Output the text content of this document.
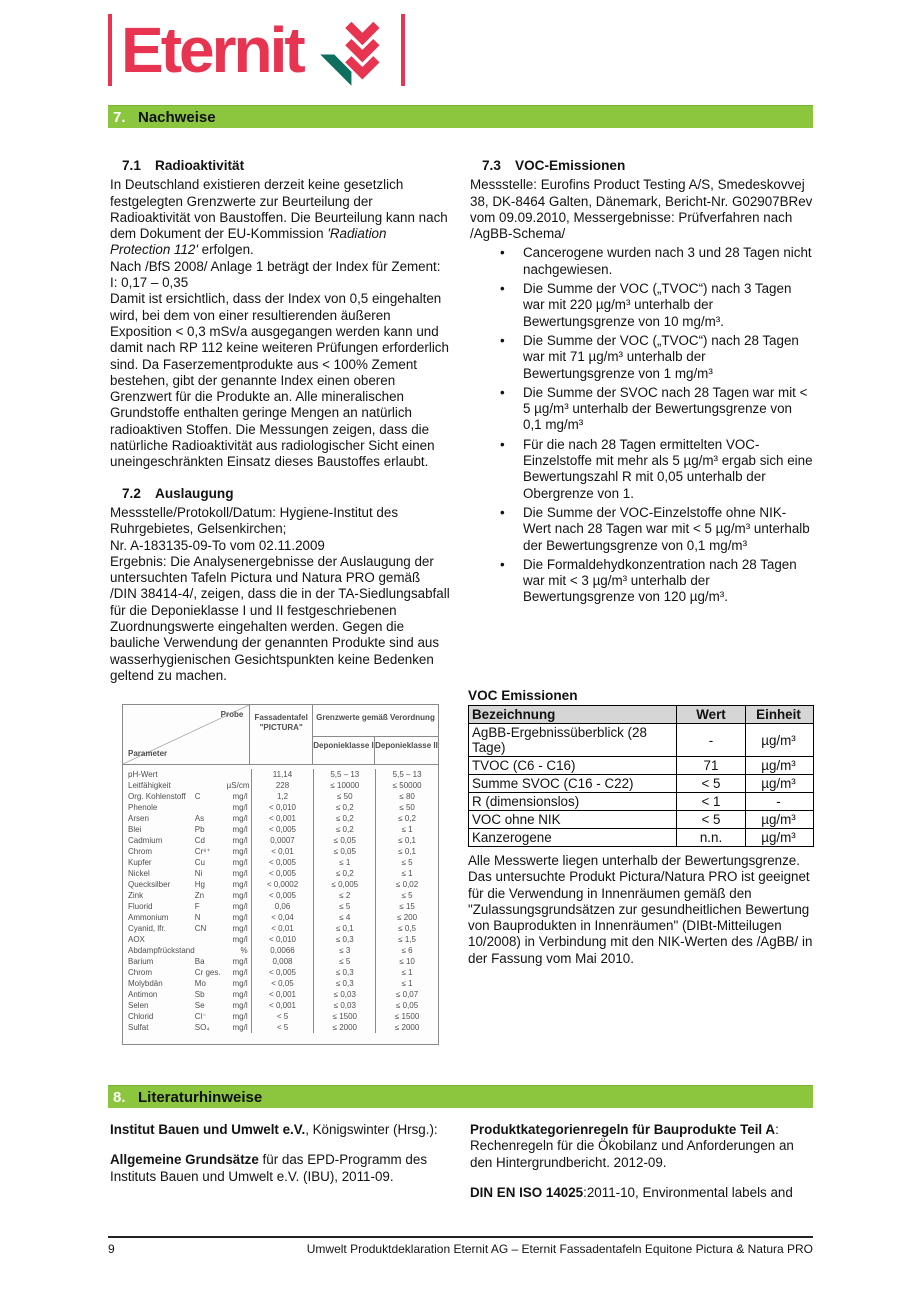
Eternit
7. Nachweise
7.1	Radioaktivität
In Deutschland existieren derzeit keine gesetzlich festgelegten Grenzwerte zur Beurteilung der Radioaktivität von Baustoffen. Die Beurteilung kann nach dem Dokument der EU-Kommission 'Radiation Protection 112' erfolgen.
Nach /BfS 2008/ Anlage 1 beträgt der Index für Zement: I: 0,17 – 0,35
Damit ist ersichtlich, dass der Index von 0,5 eingehalten wird, bei dem von einer resultierenden äußeren Exposition < 0,3 mSv/a ausgegangen werden kann und damit nach RP 112 keine weiteren Prüfungen erforderlich sind. Da Faserzementprodukte aus < 100% Zement bestehen, gibt der genannte Index einen oberen Grenzwert für die Produkte an. Alle mineralischen Grundstoffe enthalten geringe Mengen an natürlich radioaktiven Stoffen. Die Messungen zeigen, dass die natürliche Radioaktivität aus radiologischer Sicht einen uneingeschränkten Einsatz dieses Baustoffes erlaubt.
7.2	Auslaugung
Messstelle/Protokoll/Datum: Hygiene-Institut des Ruhrgebietes, Gelsenkirchen;
Nr. A-183135-09-To vom 02.11.2009
Ergebnis: Die Analysenergebnisse der Auslaugung der untersuchten Tafeln Pictura und Natura PRO gemäß /DIN 38414-4/, zeigen, dass die in der TA-Siedlungsabfall für die Deponieklasse I und II festgeschriebenen Zuordnungswerte eingehalten werden. Gegen die bauliche Verwendung der genannten Produkte sind aus wasserhygienischen Gesichtspunkten keine Bedenken geltend zu machen.
7.3	VOC-Emissionen
Messstelle: Eurofins Product Testing A/S, Smedeskovvej 38, DK-8464 Galten, Dänemark, Bericht-Nr. G02907BRev vom 09.09.2010, Messergebnisse: Prüfverfahren nach /AgBB-Schema/
• Cancerogene wurden nach 3 und 28 Tagen nicht nachgewiesen.
• Die Summe der VOC („TVOC“) nach 3 Tagen war mit 220 µg/m³ unterhalb der Bewertungsgrenze von 10 mg/m³.
• Die Summe der VOC („TVOC“) nach 28 Tagen war mit 71 µg/m³ unterhalb der Bewertungsgrenze von 1 mg/m³
• Die Summe der SVOC nach 28 Tagen war mit < 5 µg/m³ unterhalb der Bewertungsgrenze von 0,1 mg/m³
• Für die nach 28 Tagen ermittelten VOC-Einzelstoffe mit mehr als 5 µg/m³ ergab sich eine Bewertungszahl R mit 0,05 unterhalb der Obergrenze von 1.
• Die Summe der VOC-Einzelstoffe ohne NIK-Wert nach 28 Tagen war mit < 5 µg/m³ unterhalb der Bewertungsgrenze von 0,1 mg/m³
• Die Formaldehydkonzentration nach 28 Tagen war mit < 3 µg/m³ unterhalb der Bewertungsgrenze von 120 µg/m³.
Probe
Parameter
Fassadentafel
"PICTURA"
Grenzwerte gemäß Verordnung
Deponieklasse I Deponieklasse II
pH-Wert	11,14	5,5 – 13	5,5 – 13
Leitfähigkeit	µS/cm	228	≤ 10000	≤ 50000
Org. Kohlenstoff	C	mg/l	1,2	≤ 50	≤ 80
Phenole	mg/l	< 0,010	≤ 0,2	≤ 50
Arsen	As	mg/l	< 0,001	≤ 0,2	≤ 0,2
Blei	Pb	mg/l	< 0,005	≤ 0,2	≤ 1
Cadmium	Cd	mg/l	0,0007	≤ 0,05	≤ 0,1
Chrom	Cr⁶⁺	mg/l	< 0,01	≤ 0,05	≤ 0,1
Kupfer	Cu	mg/l	< 0,005	≤ 1	≤ 5
Nickel	Ni	mg/l	< 0,005	≤ 0,2	≤ 1
Quecksilber	Hg	mg/l	< 0,0002	≤ 0,005	≤ 0,02
Zink	Zn	mg/l	< 0,005	≤ 2	≤ 5
Fluorid	F	mg/l	0,06	≤ 5	≤ 15
Ammonium	N	mg/l	< 0,04	≤ 4	≤ 200
Cyanid, lfr.	CN	mg/l	< 0,01	≤ 0,1	≤ 0,5
AOX	mg/l	< 0,010	≤ 0,3	≤ 1,5
Abdampfrückstand	%	0,0066	≤ 3	≤ 6
Barium	Ba	mg/l	0,008	≤ 5	≤ 10
Chrom	Cr ges.	mg/l	< 0,005	≤ 0,3	≤ 1
Molybdän	Mo	mg/l	< 0,05	≤ 0,3	≤ 1
Antimon	Sb	mg/l	< 0,001	≤ 0,03	≤ 0,07
Selen	Se	mg/l	< 0,001	≤ 0,03	≤ 0,05
Chlorid	Cl⁻	mg/l	< 5	≤ 1500	≤ 1500
Sulfat	SO₄	mg/l	< 5	≤ 2000	≤ 2000
VOC Emissionen
Bezeichnung	Wert	Einheit
AgBB-Ergebnissüberblick (28 Tage)	-	µg/m³
TVOC (C6 - C16)	71	µg/m³
Summe SVOC (C16 - C22)	< 5	µg/m³
R (dimensionslos)	< 1	-
VOC ohne NIK	< 5	µg/m³
Kanzerogene	n.n.	µg/m³
Alle Messwerte liegen unterhalb der Bewertungsgrenze. Das untersuchte Produkt Pictura/Natura PRO ist geeignet für die Verwendung in Innenräumen gemäß den "Zulassungsgrundsätzen zur gesundheitlichen Bewertung von Bauprodukten in Innenräumen" (DIBt-Mitteilugen 10/2008) in Verbindung mit den NIK-Werten des /AgBB/ in der Fassung vom Mai 2010.
8. Literaturhinweise
Institut Bauen und Umwelt e.V., Königswinter (Hrsg.):
Allgemeine Grundsätze für das EPD-Programm des Instituts Bauen und Umwelt e.V. (IBU), 2011-09.
Produktkategorienregeln für Bauprodukte Teil A: Rechenregeln für die Ökobilanz und Anforderungen an den Hintergrundbericht. 2012-09.
DIN EN ISO 14025:2011-10, Environmental labels and
9	Umwelt Produktdeklaration Eternit AG – Eternit Fassadentafeln Equitone Pictura & Natura PRO
